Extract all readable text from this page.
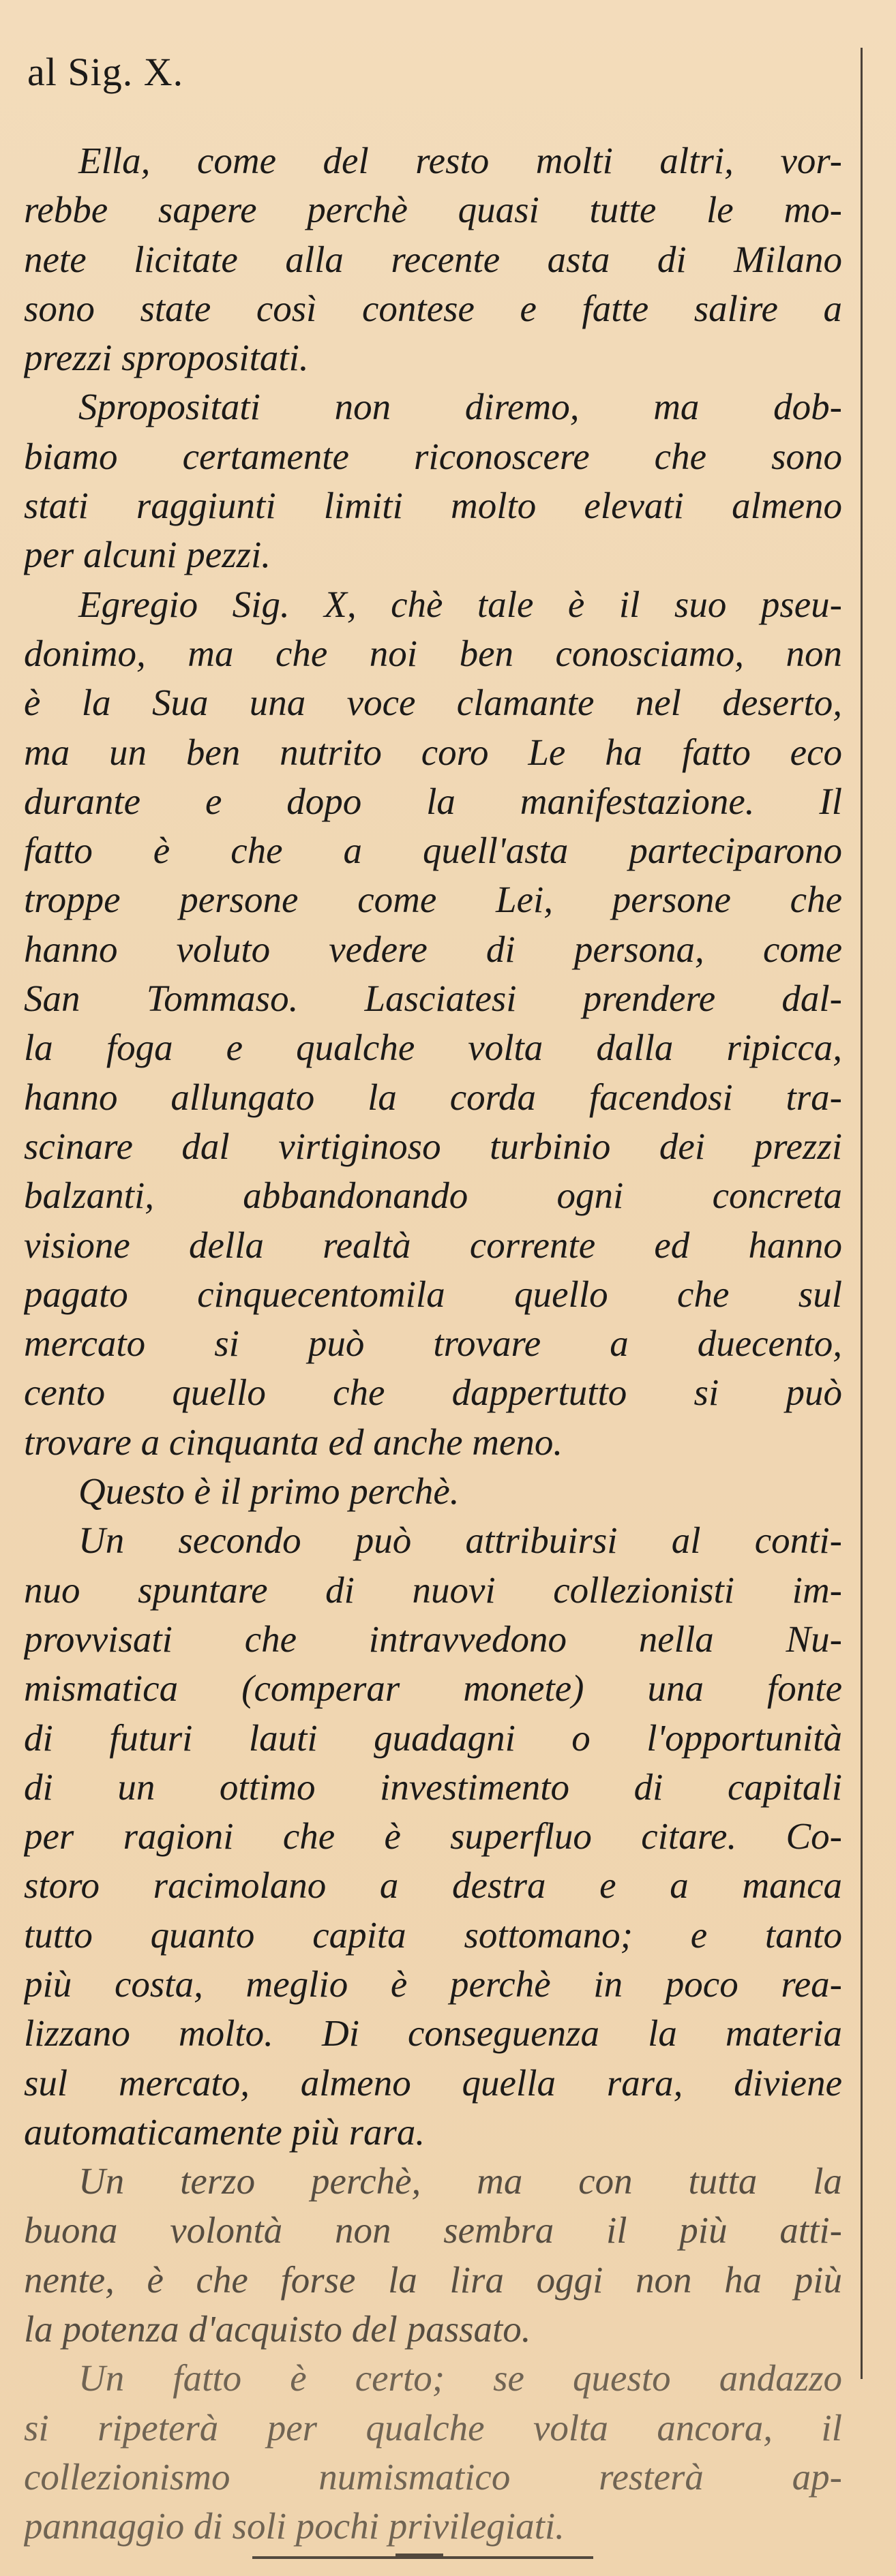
al Sig. X.

Ella, come del resto molti altri, vor-
rebbe sapere perchè quasi tutte le mo-
nete licitate alla recente asta di Milano
sono state così contese e fatte salire a
prezzi spropositati.

Spropositati non diremo, ma dob-
biamo certamente riconoscere che sono
stati raggiunti limiti molto elevati almeno
per alcuni pezzi.

Egregio Sig. X, chè tale è il suo pseu-
donimo, ma che noi ben conosciamo, non
è la Sua una voce clamante nel deserto,
ma un ben nutrito coro Le ha fatto eco
durante e dopo la manifestazione. Il
fatto è che a quell'asta parteciparono
troppe persone come Lei, persone che
hanno voluto vedere di persona, come
San Tommaso. Lasciatesi prendere dal-
la foga e qualche volta dalla ripicca,
hanno allungato la corda facendosi tra-
scinare dal virtiginoso turbinio dei prezzi
balzanti, abbandonando ogni concreta
visione della realtà corrente ed hanno
pagato cinquecentomila quello che sul
mercato si può trovare a duecento,
cento quello che dappertutto si può
trovare a cinquanta ed anche meno.

Questo è il primo perchè.

Un secondo può attribuirsi al conti-
nuo spuntare di nuovi collezionisti im-
provvisati che intravvedono nella Nu-
mismatica (comperar monete) una fonte
di futuri lauti guadagni o l'opportunità
di un ottimo investimento di capitali
per ragioni che è superfluo citare. Co-
storo racimolano a destra e a manca
tutto quanto capita sottomano; e tanto
più costa, meglio è perchè in poco rea-
lizzano molto. Di conseguenza la materia
sul mercato, almeno quella rara, diviene
automaticamente più rara.

Un terzo perchè, ma con tutta la
buona volontà non sembra il più atti-
nente, è che forse la lira oggi non ha più
la potenza d'acquisto del passato.

Un fatto è certo; se questo andazzo
si ripeterà per qualche volta ancora, il
collezionismo numismatico resterà ap-
pannaggio di soli pochi privilegiati.
